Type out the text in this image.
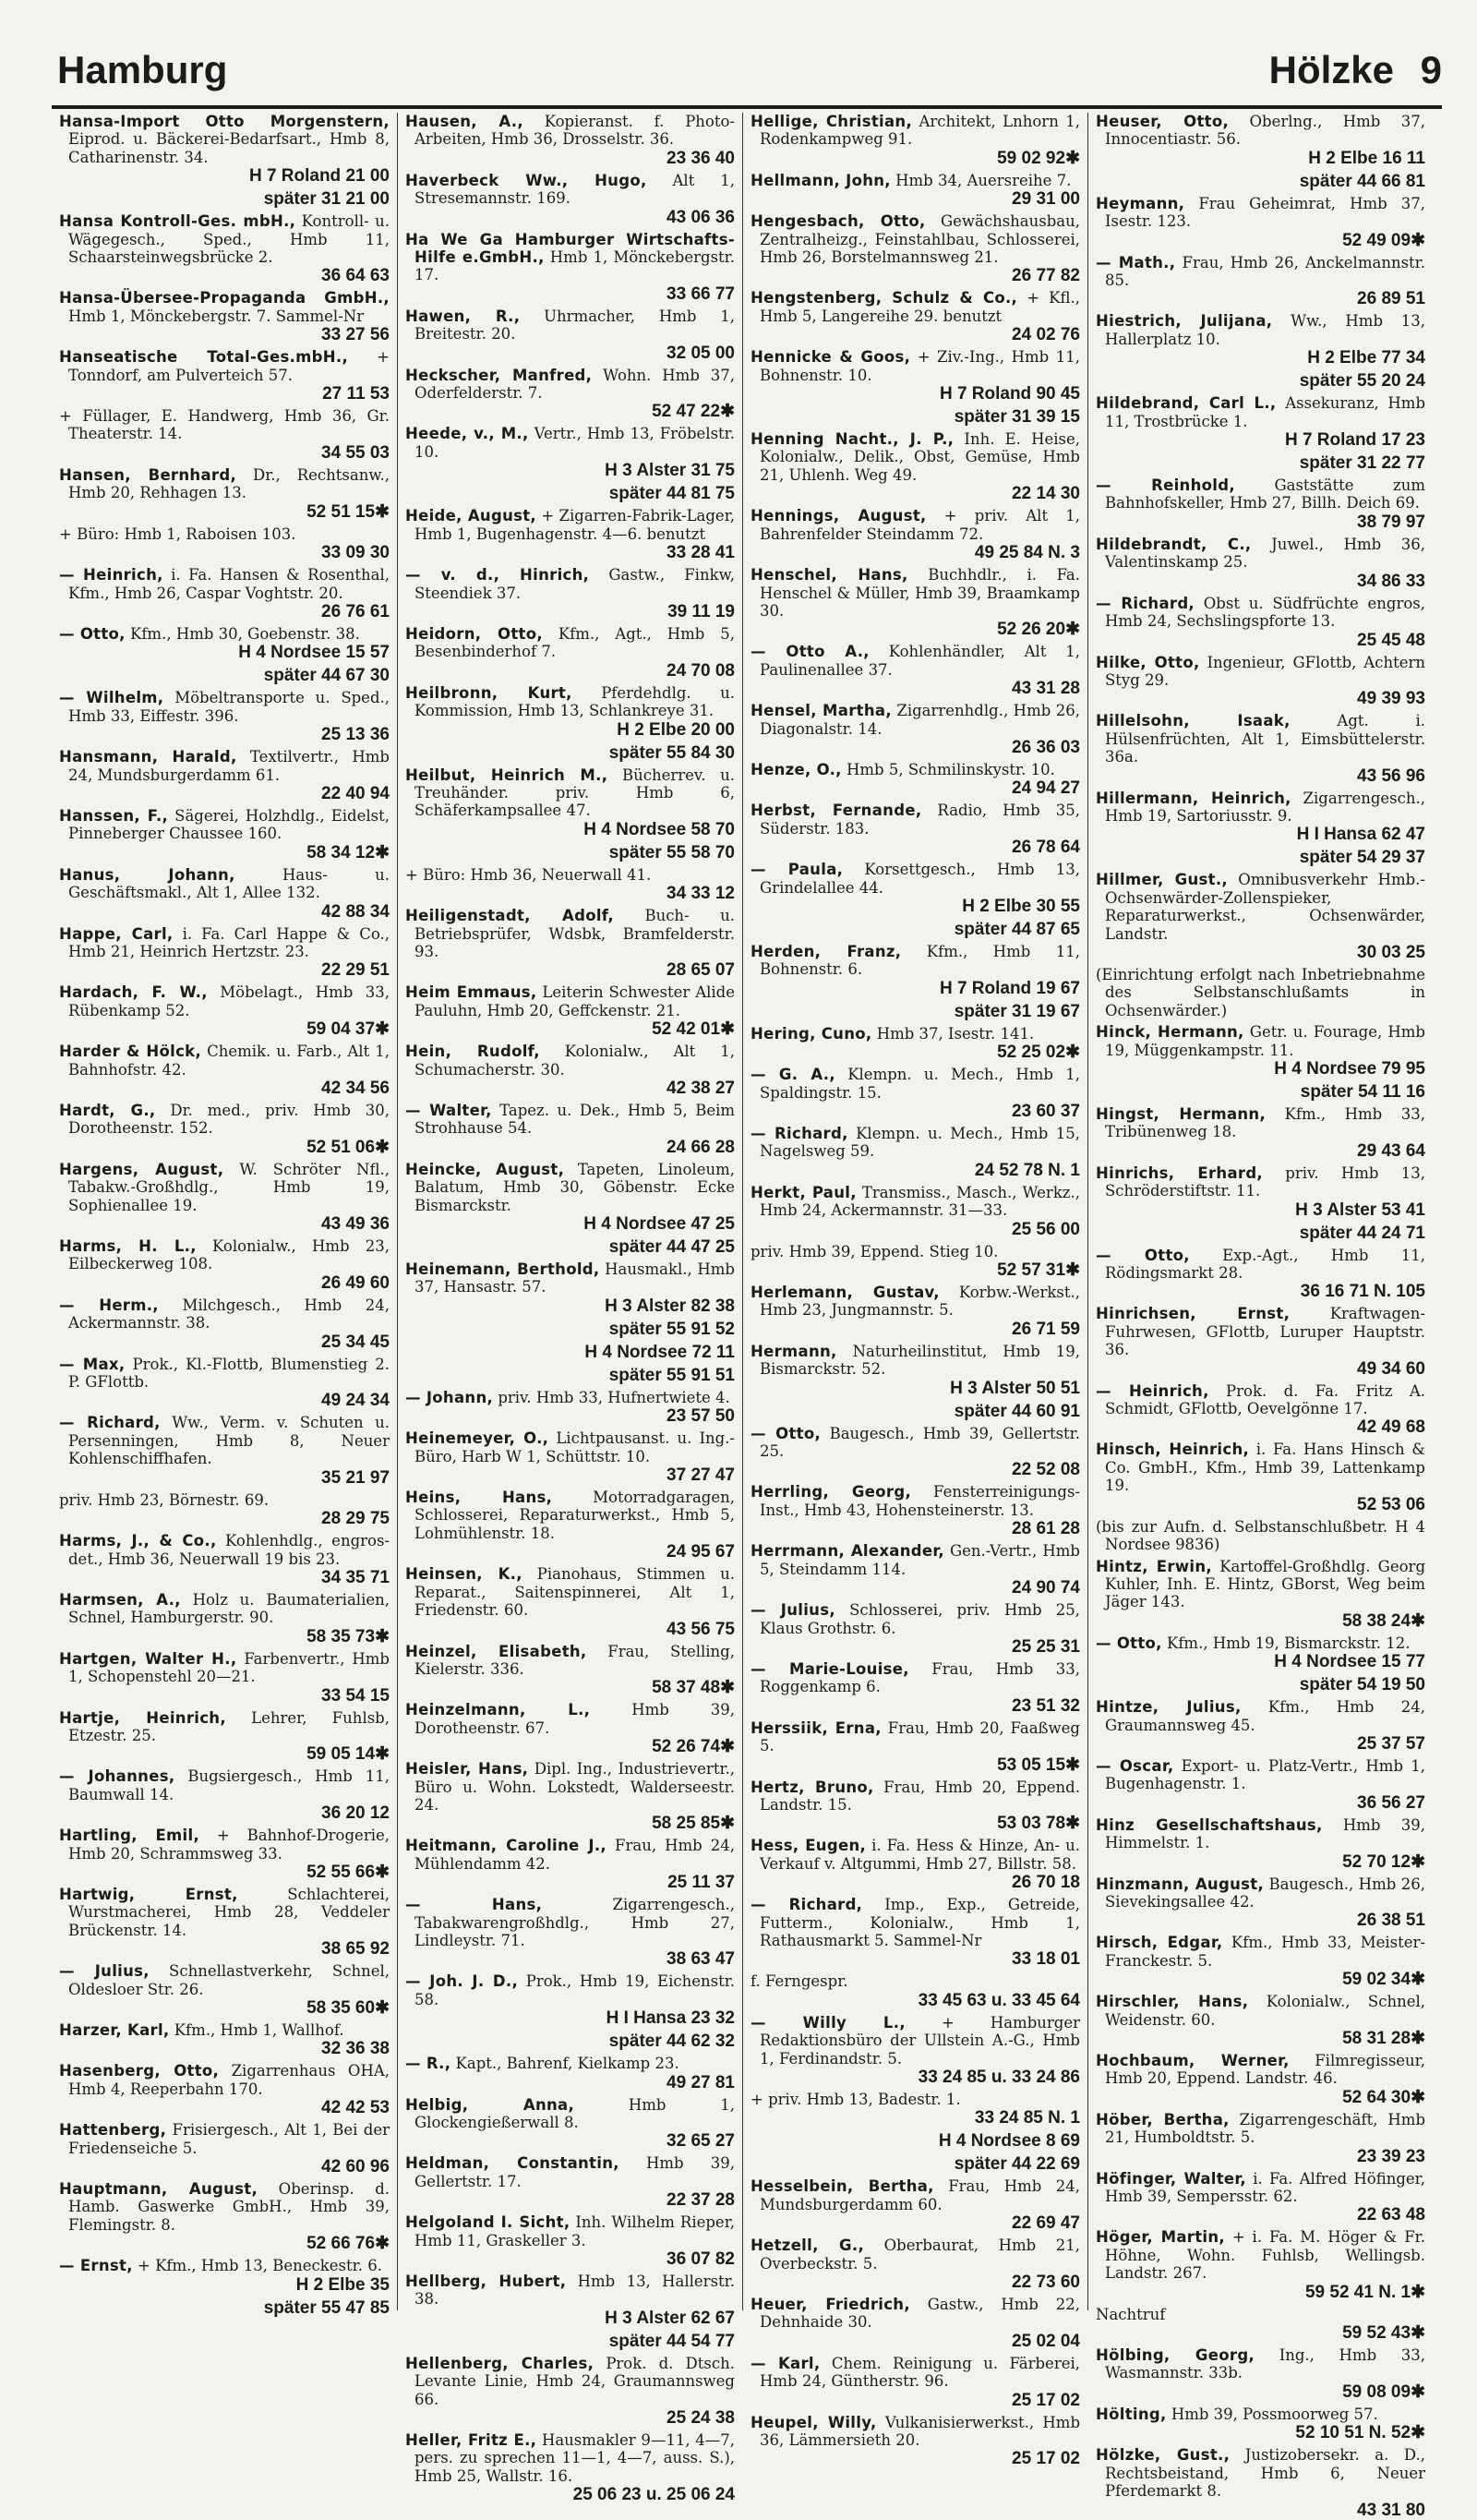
Hamburg	Hölzke 9
Hansa-Import Otto Morgenstern, Eiprod. u. Bäckerei-Bedarfsart., Hmb 8, Catharinenstr. 34.
H 7 Roland 21 00
später 31 21 00
Hansa Kontroll-Ges. mbH., Kontroll- u. Wägegesch., Sped., Hmb 11, Schaarsteinwegsbrücke 2.
36 64 63
Hansa-Übersee-Propaganda GmbH., Hmb 1, Mönckebergstr. 7. Sammel-Nr
33 27 56
Hanseatische Total-Ges.mbH., + Tonndorf, am Pulverteich 57.
27 11 53
+ Füllager, E. Handwerg, Hmb 36, Gr. Theaterstr. 14.
34 55 03
Hansen, Bernhard, Dr., Rechtsanw., Hmb 20, Rehhagen 13.
52 51 15✱
+ Büro: Hmb 1, Raboisen 103.
33 09 30
— Heinrich, i. Fa. Hansen & Rosenthal, Kfm., Hmb 26, Caspar Voghtstr. 20.
26 76 61
— Otto, Kfm., Hmb 30, Goebenstr. 38.
H 4 Nordsee 15 57
später 44 67 30
— Wilhelm, Möbeltransporte u. Sped., Hmb 33, Eiffestr. 396.
25 13 36
Hansmann, Harald, Textilvertr., Hmb 24, Mundsburgerdamm 61.
22 40 94
Hanssen, F., Sägerei, Holzhdlg., Eidelst, Pinneberger Chaussee 160.
58 34 12✱
Hanus, Johann,	Haus- u. Geschäftsmakl., Alt 1, Allee 132.
42 88 34
Happe, Carl, i. Fa. Carl Happe & Co., Hmb 21, Heinrich Hertzstr. 23.
22 29 51
Hardach, F. W., Möbelagt., Hmb 33, Rübenkamp 52.
59 04 37✱
Harder & Hölck, Chemik. u. Farb., Alt 1, Bahnhofstr. 42.
42 34 56
Hardt, G., Dr. med., priv. Hmb 30, Dorotheenstr. 152.
52 51 06✱
Hargens, August, W. Schröter Nfl., Tabakw.-Großhdlg., Hmb 19, Sophienallee 19.
43 49 36
Harms, H. L., Kolonialw., Hmb 23, Eilbeckerweg 108.
26 49 60
— Herm., Milchgesch., Hmb 24, Ackermannstr. 38.
25 34 45
— Max, Prok., Kl.-Flottb, Blumenstieg 2. P. GFlottb.
49 24 34
— Richard, Ww., Verm. v. Schuten u. Persenningen, Hmb 8, Neuer Kohlenschiffhafen.
35 21 97
priv. Hmb 23, Börnestr. 69.
28 29 75
Harms, J., & Co., Kohlenhdlg., engros-det., Hmb 36, Neuerwall 19 bis 23.
34 35 71
Harmsen, A., Holz u. Baumaterialien, Schnel, Hamburgerstr. 90.
58 35 73✱
Hartgen, Walter H., Farbenvertr., Hmb 1, Schopenstehl 20—21.
33 54 15
Hartje, Heinrich, Lehrer, Fuhlsb, Etzestr. 25.
59 05 14✱
— Johannes, Bugsiergesch., Hmb 11, Baumwall 14.
36 20 12
Hartling, Emil, + Bahnhof-Drogerie, Hmb 20, Schrammsweg 33.
52 55 66✱
Hartwig, Ernst,	Schlachterei, Wurstmacherei, Hmb 28, Veddeler Brückenstr. 14.
38 65 92
— Julius, Schnellastverkehr, Schnel, Oldesloer Str. 26.
58 35 60✱
Harzer, Karl, Kfm., Hmb 1, Wallhof.
32 36 38
Hasenberg, Otto, Zigarrenhaus OHA, Hmb 4, Reeperbahn 170.
42 42 53
Hattenberg, Frisiergesch., Alt 1, Bei der Friedenseiche 5.
42 60 96
Hauptmann, August, Oberinsp. d. Hamb. Gaswerke GmbH., Hmb 39, Flemingstr. 8.
52 66 76✱
— Ernst, + Kfm., Hmb 13, Beneckestr. 6.
H 2 Elbe 35
später 55 47 85
Hausen, A., Kopieranst. f. Photo-Arbeiten, Hmb 36, Drosselstr. 36.
23 36 40
Haverbeck Ww., Hugo, Alt 1, Stresemannstr. 169.
43 06 36
Ha We Ga Hamburger Wirtschafts-Hilfe e.GmbH., Hmb 1, Mönckebergstr. 17.
33 66 77
Hawen, R., Uhrmacher, Hmb 1, Breitestr. 20.
32 05 00
Heckscher, Manfred, Wohn. Hmb 37, Oderfelderstr. 7.
52 47 22✱
Heede, v., M., Vertr., Hmb 13, Fröbelstr. 10.
H 3 Alster 31 75
später 44 81 75
Heide, August, + Zigarren-Fabrik-Lager, Hmb 1, Bugenhagenstr. 4—6. benutzt
33 28 41
— v. d., Hinrich, Gastw., Finkw, Steendiek 37.
39 11 19
Heidorn, Otto, Kfm., Agt., Hmb 5, Besenbinderhof 7.
24 70 08
Heilbronn, Kurt, Pferdehdlg. u. Kommission, Hmb 13, Schlankreye 31.
H 2 Elbe 20 00
später 55 84 30
Heilbut, Heinrich M., Bücherrev. u. Treuhänder. priv. Hmb 6, Schäferkampsallee 47.
H 4 Nordsee 58 70
später 55 58 70
+ Büro: Hmb 36, Neuerwall 41.
34 33 12
Heiligenstadt, Adolf, Buch- u. Betriebsprüfer, Wdsbk, Bramfelderstr. 93.
28 65 07
Heim Emmaus, Leiterin Schwester Alide Pauluhn, Hmb 20, Geffckenstr. 21.
52 42 01✱
Hein, Rudolf, Kolonialw., Alt 1, Schumacherstr. 30.
42 38 27
— Walter, Tapez. u. Dek., Hmb 5, Beim Strohhause 54.
24 66 28
Heincke, August, Tapeten, Linoleum, Balatum, Hmb 30, Göbenstr. Ecke Bismarckstr.
H 4 Nordsee 47 25
später 44 47 25
Heinemann, Berthold, Hausmakl., Hmb 37, Hansastr. 57.
H 3 Alster 82 38
später 55 91 52
H 4 Nordsee 72 11
später 55 91 51
— Johann, priv. Hmb 33, Hufnertwiete 4.
23 57 50
Heinemeyer, O., Lichtpausanst. u. Ing.-Büro, Harb W 1, Schüttstr. 10.
37 27 47
Heins, Hans,	Motorradgaragen, Schlosserei, Reparaturwerkst., Hmb 5, Lohmühlenstr. 18.
24 95 67
Heinsen, K., Pianohaus, Stimmen u. Reparat., Saitenspinnerei, Alt 1, Friedenstr. 60.
43 56 75
Heinzel, Elisabeth, Frau, Stelling, Kielerstr. 336.
58 37 48✱
Heinzelmann, L.,	Hmb 39, Dorotheenstr. 67.
52 26 74✱
Heisler, Hans, Dipl. Ing., Industrievertr., Büro u. Wohn. Lokstedt, Walderseestr. 24.
58 25 85✱
Heitmann, Caroline J., Frau, Hmb 24, Mühlendamm 42.
25 11 37
— Hans,	Zigarrengesch., Tabakwarengroßhdlg., Hmb 27, Lindleystr. 71.
38 63 47
— Joh. J. D., Prok., Hmb 19, Eichenstr. 58.
H I Hansa 23 32
später 44 62 32
— R., Kapt., Bahrenf, Kielkamp 23.
49 27 81
Helbig, Anna,	Hmb 1, Glockengießerwall 8.
32 65 27
Heldman, Constantin, Hmb 39, Gellertstr. 17.
22 37 28
Helgoland I. Sicht, Inh. Wilhelm Rieper, Hmb 11, Graskeller 3.
36 07 82
Hellberg, Hubert, Hmb 13, Hallerstr. 38.
H 3 Alster 62 67
später 44 54 77
Hellenberg, Charles, Prok. d. Dtsch. Levante Linie, Hmb 24, Graumannsweg 66.
25 24 38
Heller, Fritz E., Hausmakler 9—11, 4—7, pers. zu sprechen 11—1, 4—7, auss. S.), Hmb 25, Wallstr. 16.
25 06 23 u. 25 06 24
Hellige, Christian, Architekt, Lnhorn 1, Rodenkampweg 91.
59 02 92✱
Hellmann, John, Hmb 34, Auersreihe 7.
29 31 00
Hengesbach, Otto, Gewächshausbau, Zentralheizg., Feinstahlbau, Schlosserei, Hmb 26, Borstelmannsweg 21.
26 77 82
Hengstenberg, Schulz & Co., + Kfl., Hmb 5, Langereihe 29. benutzt
24 02 76
Hennicke & Goos, + Ziv.-Ing., Hmb 11, Bohnenstr. 10.
H 7 Roland 90 45
später 31 39 15
Henning Nacht., J. P., Inh. E. Heise, Kolonialw., Delik., Obst, Gemüse, Hmb 21, Uhlenh. Weg 49.
22 14 30
Hennings, August, + priv. Alt 1, Bahrenfelder Steindamm 72.
49 25 84 N. 3
Henschel, Hans, Buchhdlr., i. Fa. Henschel & Müller, Hmb 39, Braamkamp 30.
52 26 20✱
— Otto A., Kohlenhändler, Alt 1, Paulinenallee 37.
43 31 28
Hensel, Martha, Zigarrenhdlg., Hmb 26, Diagonalstr. 14.
26 36 03
Henze, O., Hmb 5, Schmilinskystr. 10.
24 94 27
Herbst, Fernande, Radio, Hmb 35, Süderstr. 183.
26 78 64
— Paula, Korsettgesch., Hmb 13, Grindelallee 44.
H 2 Elbe 30 55
später 44 87 65
Herden, Franz, Kfm., Hmb 11, Bohnenstr. 6.
H 7 Roland 19 67
später 31 19 67
Hering, Cuno, Hmb 37, Isestr. 141.
52 25 02✱
— G. A., Klempn. u. Mech., Hmb 1, Spaldingstr. 15.
23 60 37
— Richard, Klempn. u. Mech., Hmb 15, Nagelsweg 59.
24 52 78 N. 1
Herkt, Paul, Transmiss., Masch., Werkz., Hmb 24, Ackermannstr. 31—33.
25 56 00
priv. Hmb 39, Eppend. Stieg 10.
52 57 31✱
Herlemann, Gustav, Korbw.-Werkst., Hmb 23, Jungmannstr. 5.
26 71 59
Hermann, Naturheilinstitut, Hmb 19, Bismarckstr. 52.
H 3 Alster 50 51
später 44 60 91
— Otto, Baugesch., Hmb 39, Gellertstr. 25.
22 52 08
Herrling, Georg, Fensterreinigungs-Inst., Hmb 43, Hohensteinerstr. 13.
28 61 28
Herrmann, Alexander, Gen.-Vertr., Hmb 5, Steindamm 114.
24 90 74
— Julius, Schlosserei, priv. Hmb 25, Klaus Grothstr. 6.
25 25 31
— Marie-Louise, Frau, Hmb 33, Roggenkamp 6.
23 51 32
Herssiik, Erna, Frau, Hmb 20, Faaßweg 5.
53 05 15✱
Hertz, Bruno, Frau, Hmb 20, Eppend. Landstr. 15.
53 03 78✱
Hess, Eugen, i. Fa. Hess & Hinze, An- u. Verkauf v. Altgummi, Hmb 27, Billstr. 58.
26 70 18
— Richard, Imp., Exp., Getreide, Futterm., Kolonialw., Hmb 1, Rathausmarkt 5. Sammel-Nr
33 18 01
f. Ferngespr.
33 45 63 u. 33 45 64
— Willy L., + Hamburger Redaktionsbüro der Ullstein A.-G., Hmb 1, Ferdinandstr. 5.
33 24 85 u. 33 24 86
+ priv. Hmb 13, Badestr. 1.
33 24 85 N. 1
H 4 Nordsee 8 69
später 44 22 69
Hesselbein, Bertha, Frau, Hmb 24, Mundsburgerdamm 60.
22 69 47
Hetzell, G., Oberbaurat, Hmb 21, Overbeckstr. 5.
22 73 60
Heuer, Friedrich, Gastw., Hmb 22, Dehnhaide 30.
25 02 04
— Karl, Chem. Reinigung u. Färberei, Hmb 24, Güntherstr. 96.
25 17 02
Heupel, Willy, Vulkanisierwerkst., Hmb 36, Lämmersieth 20.
25 17 02
Heuser, Otto, Oberlng., Hmb 37, Innocentiastr. 56.
H 2 Elbe 16 11
später 44 66 81
Heymann, Frau Geheimrat, Hmb 37, Isestr. 123.
52 49 09✱
— Math., Frau, Hmb 26, Anckelmannstr. 85.
26 89 51
Hiestrich, Julijana, Ww., Hmb 13, Hallerplatz 10.
H 2 Elbe 77 34
später 55 20 24
Hildebrand, Carl L., Assekuranz, Hmb 11, Trostbrücke 1.
H 7 Roland 17 23
später 31 22 77
— Reinhold,	Gaststätte zum Bahnhofskeller, Hmb 27, Billh. Deich 69.
38 79 97
Hildebrandt, C., Juwel., Hmb 36, Valentinskamp 25.
34 86 33
— Richard, Obst u. Südfrüchte engros, Hmb 24, Sechslingspforte 13.
25 45 48
Hilke, Otto, Ingenieur, GFlottb, Achtern Styg 29.
49 39 93
Hillelsohn, Isaak,	Agt. i. Hülsenfrüchten, Alt 1, Eimsbüttelerstr. 36a.
43 56 96
Hillermann, Heinrich, Zigarrengesch., Hmb 19, Sartoriusstr. 9.
H I Hansa 62 47
später 54 29 37
Hillmer, Gust., Omnibusverkehr Hmb.-Ochsenwärder-Zollenspieker, Reparaturwerkst., Ochsenwärder, Landstr.
30 03 25
(Einrichtung erfolgt nach Inbetriebnahme des Selbstanschlußamts in Ochsenwärder.)
Hinck, Hermann, Getr. u. Fourage, Hmb 19, Müggenkampstr. 11.
H 4 Nordsee 79 95
später 54 11 16
Hingst, Hermann, Kfm., Hmb 33, Tribünenweg 18.
29 43 64
Hinrichs, Erhard, priv. Hmb 13, Schröderstiftstr. 11.
H 3 Alster 53 41
später 44 24 71
— Otto, Exp.-Agt., Hmb 11, Rödingsmarkt 28.
36 16 71 N. 105
Hinrichsen, Ernst,	Kraftwagen-Fuhrwesen, GFlottb, Luruper Hauptstr. 36.
49 34 60
— Heinrich, Prok. d. Fa. Fritz A. Schmidt, GFlottb, Oevelgönne 17.
42 49 68
Hinsch, Heinrich, i. Fa. Hans Hinsch & Co. GmbH., Kfm., Hmb 39, Lattenkamp 19.
52 53 06
(bis zur Aufn. d. Selbstanschlußbetr. H 4 Nordsee 9836)
Hintz, Erwin, Kartoffel-Großhdlg. Georg Kuhler, Inh. E. Hintz, GBorst, Weg beim Jäger 143.
58 38 24✱
— Otto, Kfm., Hmb 19, Bismarckstr. 12.
H 4 Nordsee 15 77
später 54 19 50
Hintze, Julius, Kfm., Hmb 24, Graumannsweg 45.
25 37 57
— Oscar, Export- u. Platz-Vertr., Hmb 1, Bugenhagenstr. 1.
36 56 27
Hinz Gesellschaftshaus, Hmb 39, Himmelstr. 1.
52 70 12✱
Hinzmann, August, Baugesch., Hmb 26, Sievekingsallee 42.
26 38 51
Hirsch, Edgar, Kfm., Hmb 33, Meister-Franckestr. 5.
59 02 34✱
Hirschler, Hans, Kolonialw., Schnel, Weidenstr. 60.
58 31 28✱
Hochbaum, Werner, Filmregisseur, Hmb 20, Eppend. Landstr. 46.
52 64 30✱
Höber, Bertha, Zigarrengeschäft, Hmb 21, Humboldtstr. 5.
23 39 23
Höfinger, Walter, i. Fa. Alfred Höfinger, Hmb 39, Sempersstr. 62.
22 63 48
Höger, Martin, + i. Fa. M. Höger & Fr. Höhne, Wohn. Fuhlsb, Wellingsb. Landstr. 267.
59 52 41 N. 1✱
Nachtruf
59 52 43✱
Hölbing, Georg, Ing., Hmb 33, Wasmannstr. 33b.
59 08 09✱
Hölting, Hmb 39, Possmoorweg 57.
52 10 51 N. 52✱
Hölzke, Gust., Justizobersekr. a. D., Rechtsbeistand, Hmb 6, Neuer Pferdemarkt 8.
43 31 80
